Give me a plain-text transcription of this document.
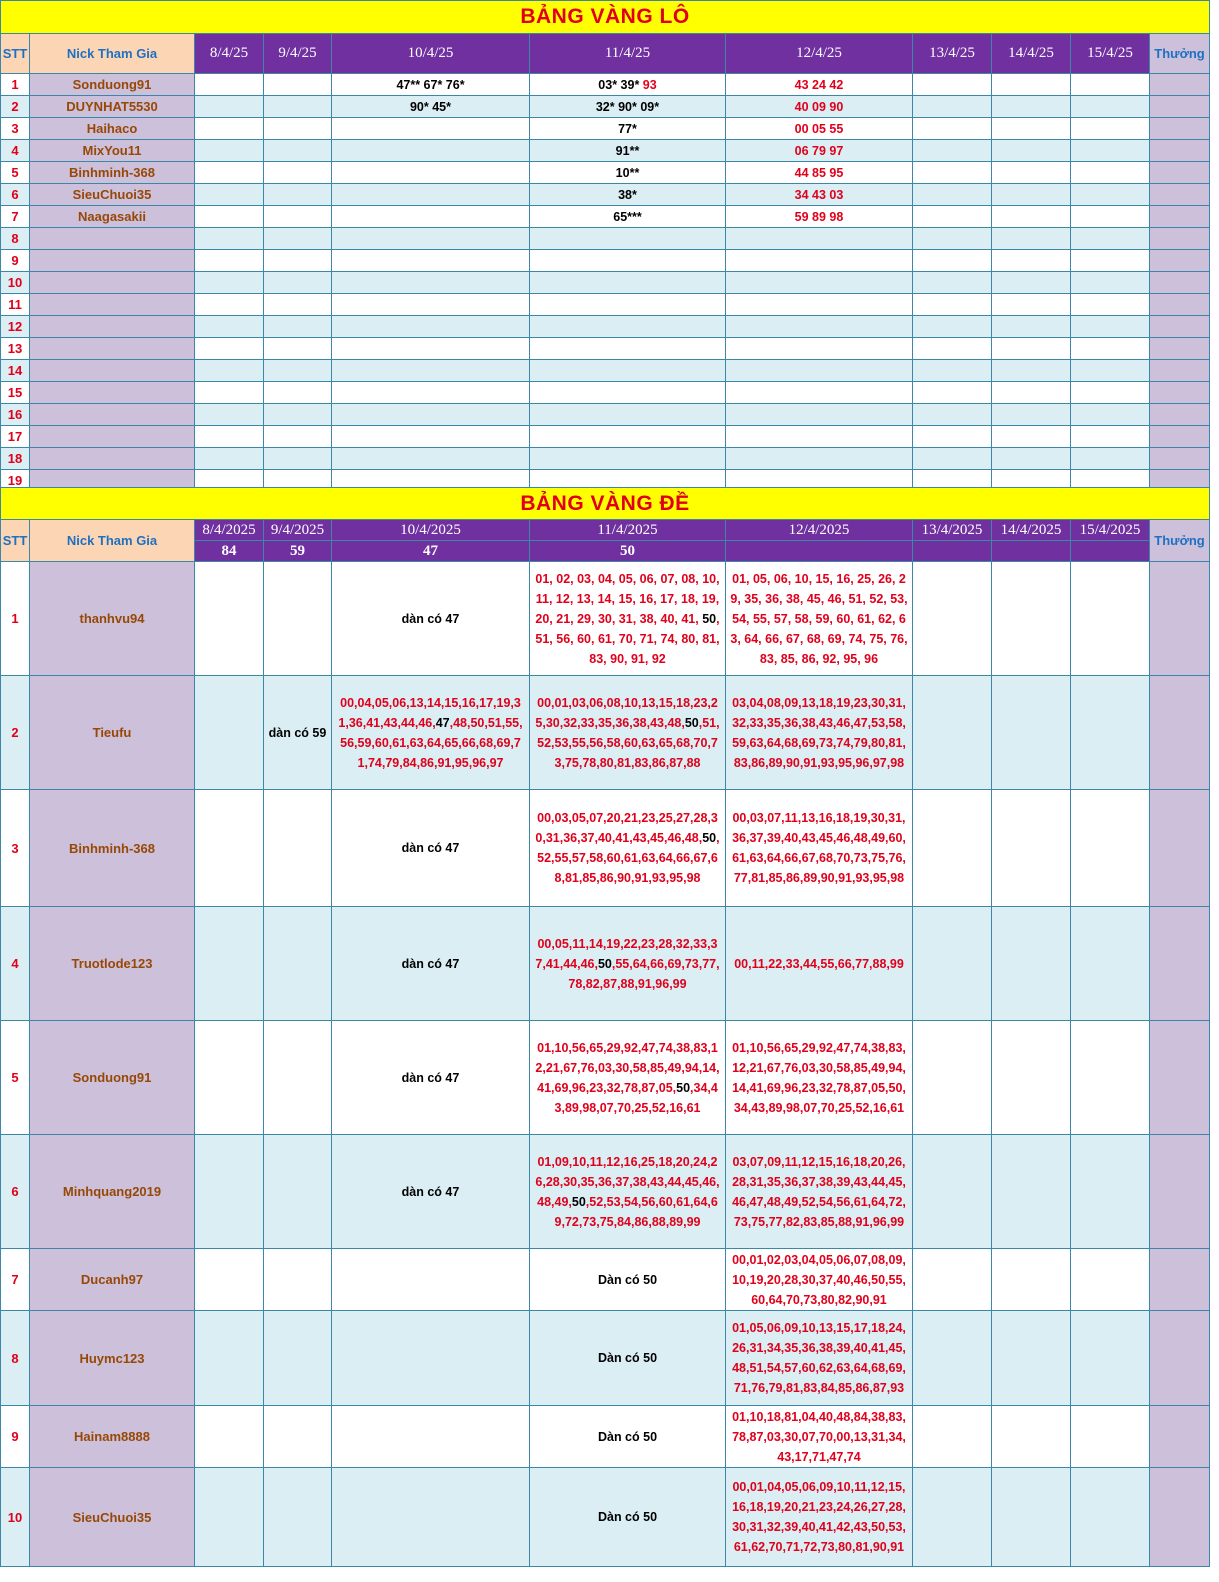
BẢNG VÀNG LÔ										
STT	Nick Tham Gia	8/4/25	9/4/25	10/4/25	11/4/25	12/4/25	13/4/25	14/4/25	15/4/25	Thưởng
1	Sonduong91			47** 67* 76*	03* 39* 93	43 24 42				
2	DUYNHAT5530			90* 45*	32* 90* 09*	40 09 90				
3	Haihaco				77*	00 05 55				
4	MixYou11				91**	06 79 97				
5	Binhminh-368				10**	44 85 95				
6	SieuChuoi35				38*	34 43 03				
7	Naagasakii				65***	59 89 98				
8										
9										
10										
11										
12										
13										
14										
15										
16										
17										
18										
19										
BẢNG VÀNG ĐỀ										
STT	Nick Tham Gia	8/4/2025	9/4/2025	10/4/2025	11/4/2025	12/4/2025	13/4/2025	14/4/2025	15/4/2025	Thưởng
		84	59	47	50					
1	thanhvu94			dàn có 47	01, 02, 03, 04, 05, 06, 07, 08, 10, 11, 12, 13, 14, 15, 16, 17, 18, 19, 20, 21, 29, 30, 31, 38, 40, 41, 50, 51, 56, 60, 61, 70, 71, 74, 80, 81, 83, 90, 91, 92	01, 05, 06, 10, 15, 16, 25, 26, 29, 35, 36, 38, 45, 46, 51, 52, 53, 54, 55, 57, 58, 59, 60, 61, 62, 63, 64, 66, 67, 68, 69, 74, 75, 76, 83, 85, 86, 92, 95, 96				

2	Tieufu		dàn có 59	00,04,05,06,13,14,15,16,17,19,31,36,41,43,44,46,47,48,50,51,55,56,59,60,61,63,64,65,66,68,69,71,74,79,84,86,91,95,96,97	00,01,03,06,08,10,13,15,18,23,25,30,32,33,35,36,38,43,48,50,51,52,53,55,56,58,60,63,65,68,70,73,75,78,80,81,83,86,87,88	03,04,08,09,13,18,19,23,30,31,32,33,35,36,38,43,46,47,53,58,59,63,64,68,69,73,74,79,80,81,83,86,89,90,91,93,95,96,97,98				

3	Binhminh-368			dàn có 47	00,03,05,07,20,21,23,25,27,28,30,31,36,37,40,41,43,45,46,48,50,52,55,57,58,60,61,63,64,66,67,68,81,85,86,90,91,93,95,98	00,03,07,11,13,16,18,19,30,31,36,37,39,40,43,45,46,48,49,60,61,63,64,66,67,68,70,73,75,76,77,81,85,86,89,90,91,93,95,98				

4	Truotlode123			dàn có 47	00,05,11,14,19,22,23,28,32,33,37,41,44,46,50,55,64,66,69,73,77,78,82,87,88,91,96,99	00,11,22,33,44,55,66,77,88,99				

5	Sonduong91			dàn có 47	01,10,56,65,29,92,47,74,38,83,12,21,67,76,03,30,58,85,49,94,14,41,69,96,23,32,78,87,05,50,34,43,89,98,07,70,25,52,16,61	01,10,56,65,29,92,47,74,38,83,12,21,67,76,03,30,58,85,49,94,14,41,69,96,23,32,78,87,05,50,34,43,89,98,07,70,25,52,16,61				

6	Minhquang2019			dàn có 47	01,09,10,11,12,16,25,18,20,24,26,28,30,35,36,37,38,43,44,45,46,48,49,50,52,53,54,56,60,61,64,69,72,73,75,84,86,88,89,99	03,07,09,11,12,15,16,18,20,26,28,31,35,36,37,38,39,43,44,45,46,47,48,49,52,54,56,61,64,72,73,75,77,82,83,85,88,91,96,99				

7	Ducanh97				Dàn có 50	00,01,02,03,04,05,06,07,08,09,10,19,20,28,30,37,40,46,50,55,60,64,70,73,80,82,90,91				

8	Huymc123				Dàn có 50	01,05,06,09,10,13,15,17,18,24,26,31,34,35,36,38,39,40,41,45,48,51,54,57,60,62,63,64,68,69,71,76,79,81,83,84,85,86,87,93				

9	Hainam8888				Dàn có 50	01,10,18,81,04,40,48,84,38,83,78,87,03,30,07,70,00,13,31,34,43,17,71,47,74				

10	SieuChuoi35				Dàn có 50	00,01,04,05,06,09,10,11,12,15,16,18,19,20,21,23,24,26,27,28,30,31,32,39,40,41,42,43,50,53,61,62,70,71,72,73,80,81,90,91				
